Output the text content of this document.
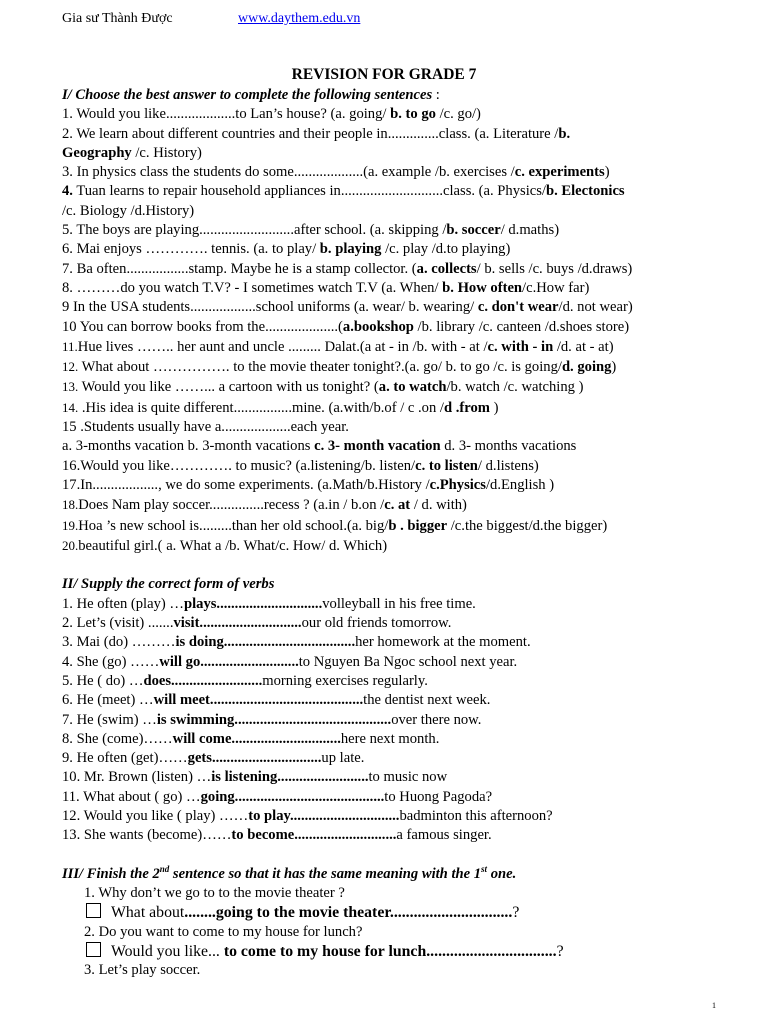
Gia sư Thành Được	www.daythem.edu.vn
REVISION FOR GRADE 7
I/ Choose the best answer to complete the following sentences :
1. Would you like...................to Lan’s house? (a. going/ b. to go /c. go/)
2. We learn about different countries and their people in..............class. (a. Literature /b.
Geography /c. History)
3. In physics class the students do some...................(a. example /b. exercises /c. experiments)
4. Tuan learns to repair household appliances in............................class. (a. Physics/b. Electonics
/c. Biology /d.History)
5. The boys are playing..........................after school. (a. skipping /b. soccer/ d.maths)
6. Mai enjoys …………. tennis. (a. to play/ b. playing /c. play /d.to playing)
7. Ba often.................stamp. Maybe he is a stamp collector. (a. collects/ b. sells /c. buys /d.draws)
8. ………do you watch T.V? - I sometimes watch T.V (a. When/ b. How often/c.How far)
9 In the USA students..................school uniforms (a. wear/ b. wearing/ c. don't wear/d. not wear)
10 You can borrow books from the....................(a.bookshop /b. library /c. canteen /d.shoes store)
11.Hue lives …….. her aunt and uncle ......... Dalat.(a at - in /b. with - at /c. with - in /d. at - at)
12. What about ……………. to the movie theater tonight?.(a. go/ b. to go /c. is going/d. going)
13. Would you like ……... a cartoon with us tonight? (a. to watch/b. watch /c. watching )
14. .His idea is quite different................mine. (a.with/b.of / c .on /d .from )
15 .Students usually have a...................each year.
a. 3-months vacation b. 3-month vacations c. 3- month vacation d. 3- months vacations
16.Would you like…………. to music? (a.listening/b. listen/c. to listen/ d.listens)
17.In.................., we do some experiments. (a.Math/b.History /c.Physics/d.English )
18.Does Nam play soccer...............recess ? (a.in / b.on /c. at / d. with)
19.Hoa ’s new school is.........than her old school.(a. big/b . bigger /c.the biggest/d.the bigger)
20.beautiful girl.( a. What a /b. What/c. How/ d. Which)
II/ Supply the correct form of verbs
1. He often (play) …plays.............................volleyball in his free time.
2. Let’s (visit) .......visit............................our old friends tomorrow.
3. Mai (do) ………is doing....................................her homework at the moment.
4. She (go) ……will go...........................to Nguyen Ba Ngoc school next year.
5. He ( do) …does.........................morning exercises regularly.
6. He (meet) …will meet..........................................the dentist next week.
7. He (swim) …is swimming...........................................over there now.
8. She (come)……will come..............................here next month.
9. He often (get)……gets..............................up late.
10. Mr. Brown (listen) …is listening.........................to music now
11. What about ( go) …going.........................................to Huong Pagoda?
12. Would you like ( play) ……to play..............................badminton this afternoon?
13. She wants (become)……to become............................a famous singer.
III/ Finish the 2nd sentence so that it has the same meaning with the 1st one.
1. Why don’t we go to to the movie theater ?
What about........going to the movie theater...............................?
2. Do you want to come to my house for lunch?
Would you like... to come to my house for lunch.................................?
3. Let’s play soccer.
1
